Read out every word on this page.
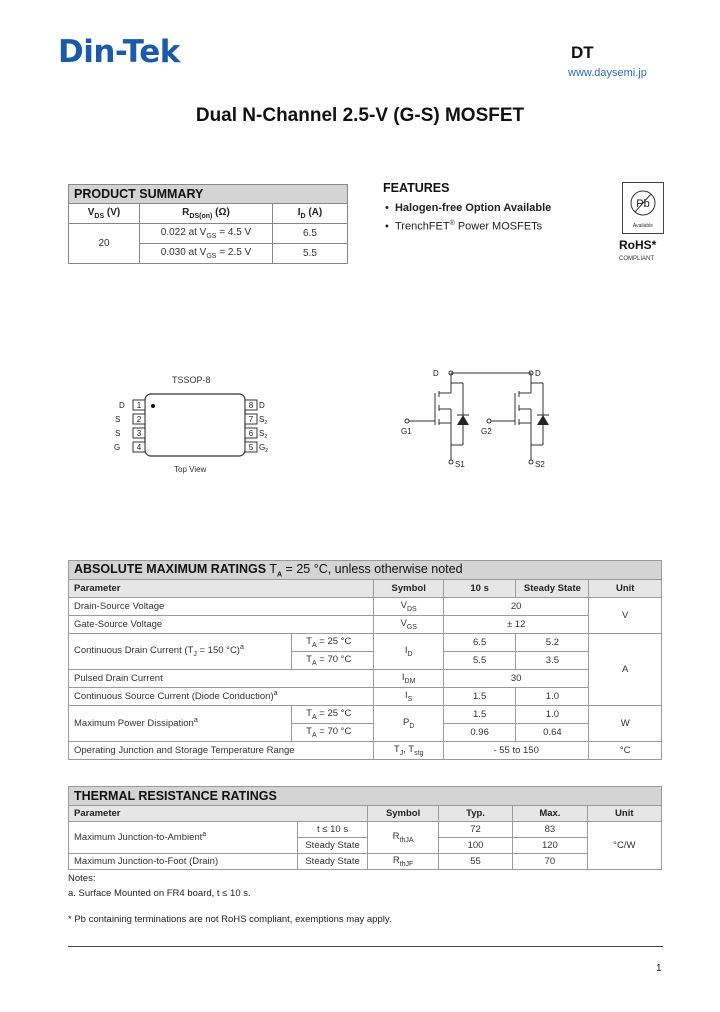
Din-Tek	DT
www.daysemi.jp
Dual N-Channel 2.5-V (G-S) MOSFET
PRODUCT SUMMARY		
$V_{DS}$ (V)	$R_{DS(on)}$ (Ω)	$I_D$ (A)
20	0.022 at $V_{GS} = 4.5$ V	6.5
	0.030 at $V_{GS} = 2.5$ V	5.5
FEATURES
• Halogen-free Option Available
• TrenchFET® Power MOSFETs
Pb
Available
RoHS*
COMPLIANT
TSSOP-8
1
2
3
4
D
S
S
G
8
7
6
5
D
$S_2$
$S_2$
$G_2$
Top View
D	D
G1	G2
S1	S2
ABSOLUTE MAXIMUM RATINGS $T_A = 25$ °C, unless otherwise noted					
Parameter		Symbol	10 s	Steady State	Unit
Drain-Source Voltage		$V_{DS}$	20		V
Gate-Source Voltage		$V_{GS}$	± 12		
Continuous Drain Current ($T_J = 150$ °C)$^a$	$T_A = 25$ °C	$I_D$	6.5	5.2	A
	$T_A = 70$ °C		5.5	3.5	
Pulsed Drain Current		$I_{DM}$	30		
Continuous Source Current (Diode Conduction)$^a$		$I_S$	1.5	1.0	
Maximum Power Dissipation$^a$	$T_A = 25$ °C	$P_D$	1.5	1.0	W
	$T_A = 70$ °C		0.96	0.64	
Operating Junction and Storage Temperature Range		$T_J$, $T_{stg}$	- 55 to 150		°C
THERMAL RESISTANCE RATINGS					
Parameter		Symbol	Typ.	Max.	Unit
Maximum Junction-to-Ambient$^a$	t ≤ 10 s	$R_{thJA}$	72	83	°C/W
	Steady State		100	120	
Maximum Junction-to-Foot (Drain)	Steady State	$R_{thJF}$	55	70	
Notes:
a. Surface Mounted on FR4 board, t ≤ 10 s.
* Pb containing terminations are not RoHS compliant, exemptions may apply.
1
